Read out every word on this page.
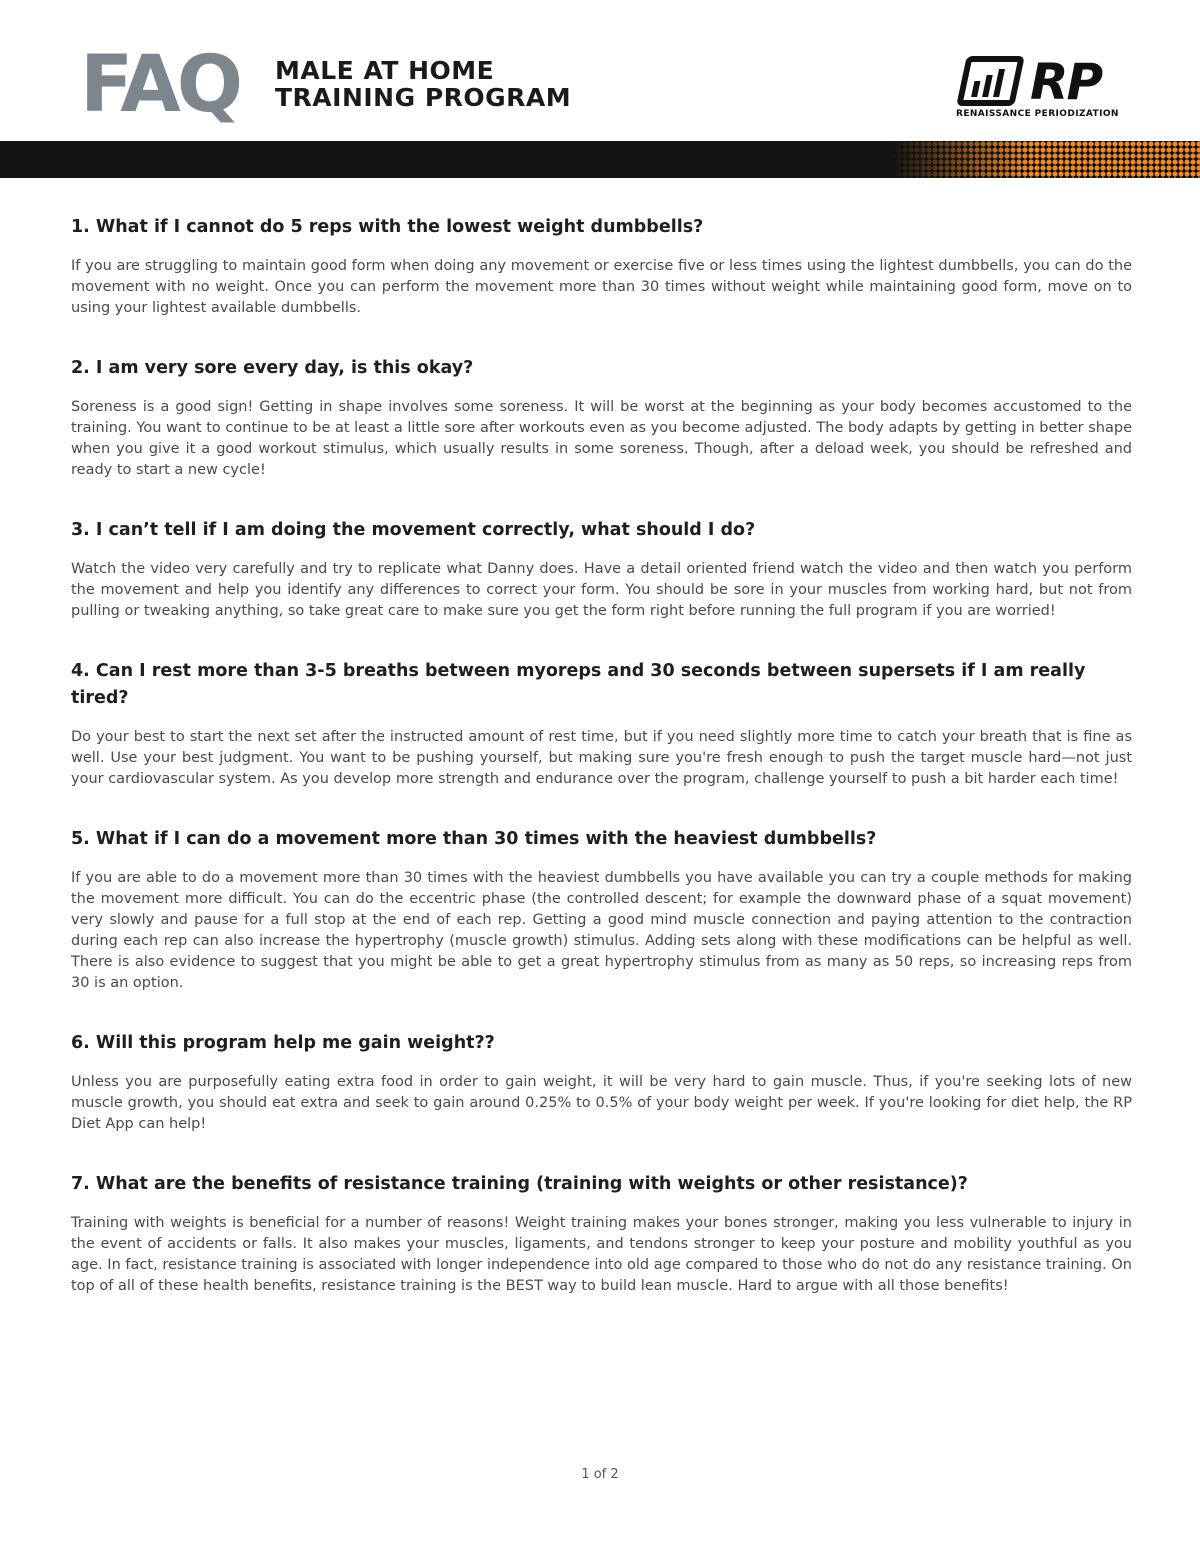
FAQ MALE AT HOME
TRAINING PROGRAM	RP
RENAISSANCE PERIODIZATION
1. What if I cannot do 5 reps with the lowest weight dumbbells?
If you are struggling to maintain good form when doing any movement or exercise five or less times using the lightest dumbbells, you can do the movement with no weight. Once you can perform the movement more than 30 times without weight while maintaining good form, move on to using your lightest available dumbbells.
2. I am very sore every day, is this okay?
Soreness is a good sign! Getting in shape involves some soreness. It will be worst at the beginning as your body becomes accustomed to the training. You want to continue to be at least a little sore after workouts even as you become adjusted. The body adapts by getting in better shape when you give it a good workout stimulus, which usually results in some soreness. Though, after a deload week, you should be refreshed and ready to start a new cycle!
3. I can’t tell if I am doing the movement correctly, what should I do?
Watch the video very carefully and try to replicate what Danny does. Have a detail oriented friend watch the video and then watch you perform the movement and help you identify any differences to correct your form. You should be sore in your muscles from working hard, but not from pulling or tweaking anything, so take great care to make sure you get the form right before running the full program if you are worried!
4. Can I rest more than 3-5 breaths between myoreps and 30 seconds between supersets if I am really tired?
Do your best to start the next set after the instructed amount of rest time, but if you need slightly more time to catch your breath that is fine as well. Use your best judgment. You want to be pushing yourself, but making sure you're fresh enough to push the target muscle hard—not just your cardiovascular system. As you develop more strength and endurance over the program, challenge yourself to push a bit harder each time!
5. What if I can do a movement more than 30 times with the heaviest dumbbells?
If you are able to do a movement more than 30 times with the heaviest dumbbells you have available you can try a couple methods for making the movement more difficult. You can do the eccentric phase (the controlled descent; for example the downward phase of a squat movement) very slowly and pause for a full stop at the end of each rep. Getting a good mind muscle connection and paying attention to the contraction during each rep can also increase the hypertrophy (muscle growth) stimulus. Adding sets along with these modifications can be helpful as well. There is also evidence to suggest that you might be able to get a great hypertrophy stimulus from as many as 50 reps, so increasing reps from 30 is an option.
6. Will this program help me gain weight??
Unless you are purposefully eating extra food in order to gain weight, it will be very hard to gain muscle. Thus, if you're seeking lots of new muscle growth, you should eat extra and seek to gain around 0.25% to 0.5% of your body weight per week. If you're looking for diet help, the RP Diet App can help!
7. What are the benefits of resistance training (training with weights or other resistance)?
Training with weights is beneficial for a number of reasons! Weight training makes your bones stronger, making you less vulnerable to injury in the event of accidents or falls. It also makes your muscles, ligaments, and tendons stronger to keep your posture and mobility youthful as you age. In fact, resistance training is associated with longer independence into old age compared to those who do not do any resistance training. On top of all of these health benefits, resistance training is the BEST way to build lean muscle. Hard to argue with all those benefits!
1 of 2
